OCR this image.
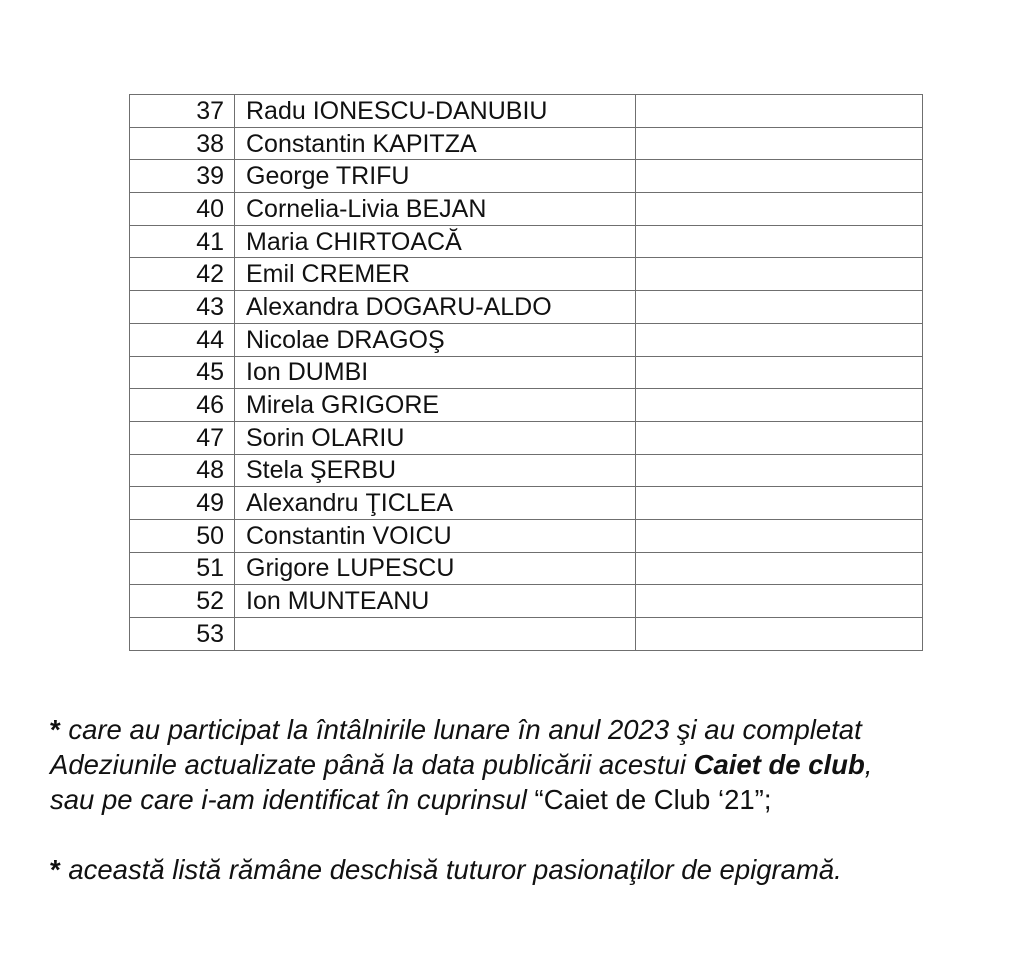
37	Radu IONESCU-DANUBIU	
38	Constantin KAPITZA	
39	George TRIFU	
40	Cornelia-Livia BEJAN	
41	Maria CHIRTOACĂ	
42	Emil CREMER	
43	Alexandra DOGARU-ALDO	
44	Nicolae DRAGOŞ	
45	Ion DUMBI	
46	Mirela GRIGORE	
47	Sorin OLARIU	
48	Stela ŞERBU	
49	Alexandru ŢICLEA	
50	Constantin VOICU	
51	Grigore LUPESCU	
52	Ion MUNTEANU	
53		

* care au participat la întâlnirile lunare în anul 2023 şi au completat
Adeziunile actualizate până la data publicării acestui Caiet de club,
sau pe care i-am identificat în cuprinsul “Caiet de Club ‘21”;

* această listă rămâne deschisă tuturor pasionaţilor de epigramă.
